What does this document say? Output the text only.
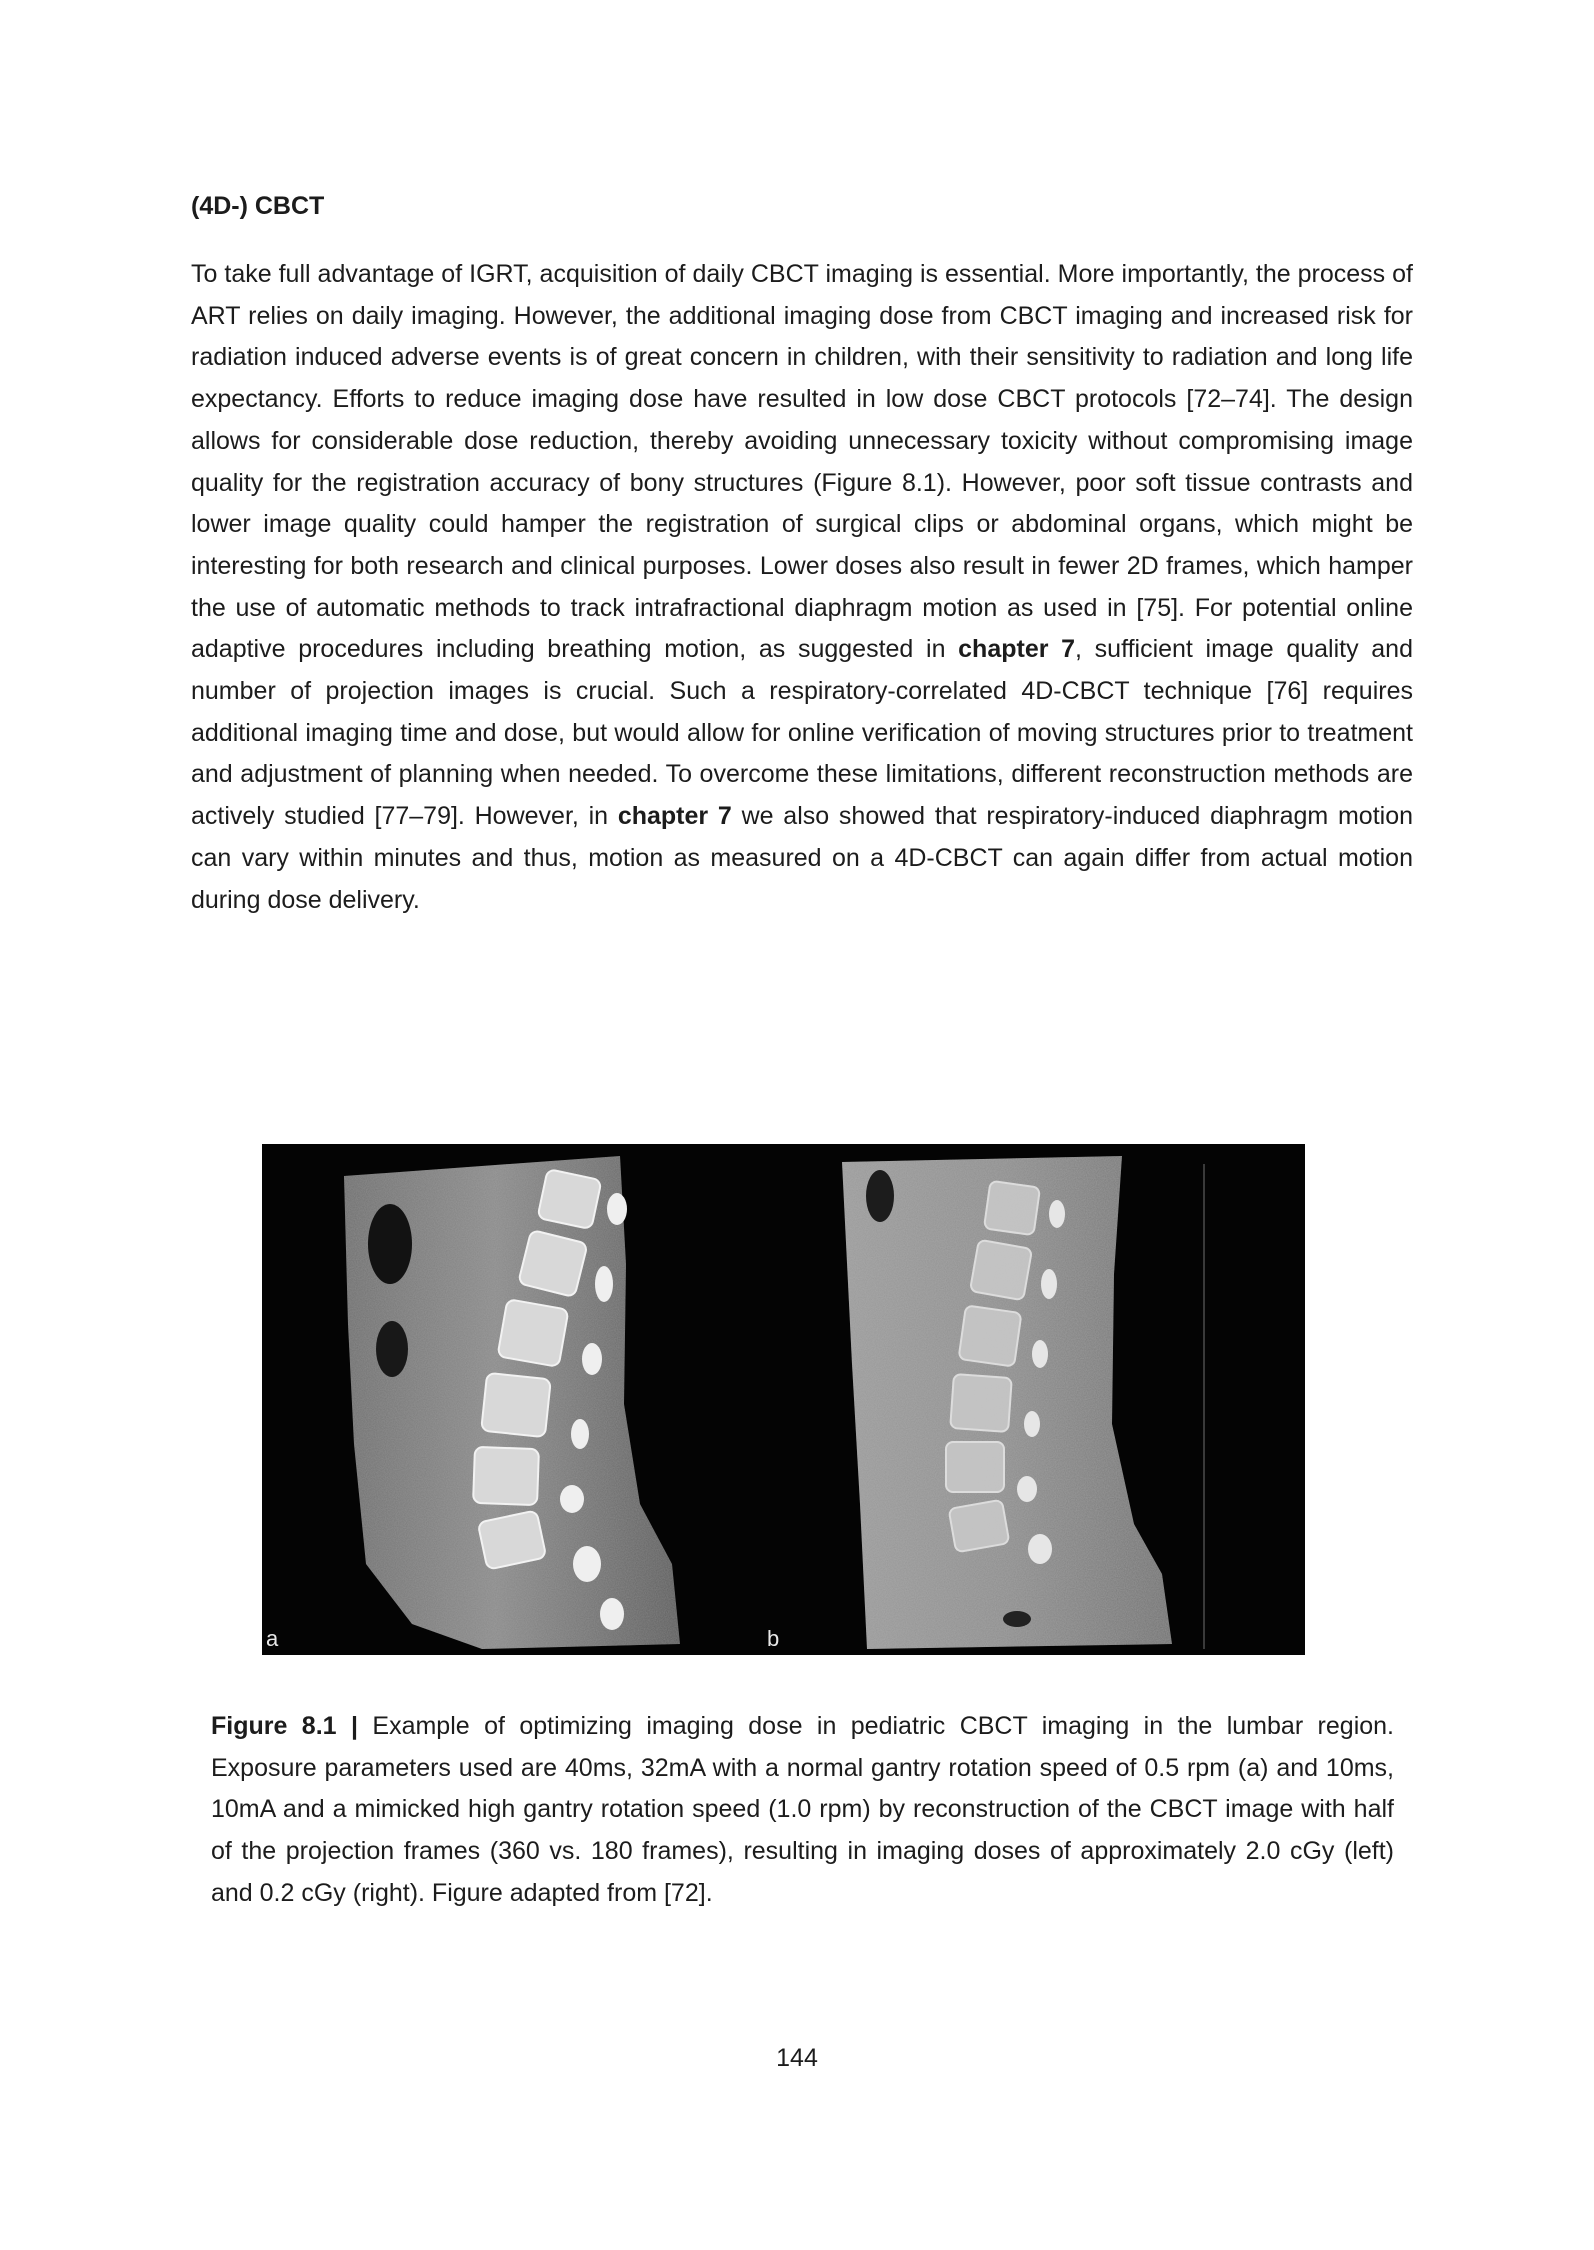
(4D-) CBCT

To take full advantage of IGRT, acquisition of daily CBCT imaging is essential. More importantly, the process of ART relies on daily imaging. However, the additional imaging dose from CBCT imaging and increased risk for radiation induced adverse events is of great concern in children, with their sensitivity to radiation and long life expectancy. Efforts to reduce imaging dose have resulted in low dose CBCT protocols [72–74]. The design allows for considerable dose reduction, thereby avoiding unnecessary toxicity without compromising image quality for the registration accuracy of bony structures (Figure 8.1). However, poor soft tissue contrasts and lower image quality could hamper the registration of surgical clips or abdominal organs, which might be interesting for both research and clinical purposes. Lower doses also result in fewer 2D frames, which hamper the use of automatic methods to track intrafractional diaphragm motion as used in [75]. For potential online adaptive procedures including breathing motion, as suggested in chapter 7, sufficient image quality and number of projection images is crucial. Such a respiratory-correlated 4D-CBCT technique [76] requires additional imaging time and dose, but would allow for online verification of moving structures prior to treatment and adjustment of planning when needed. To overcome these limitations, different reconstruction methods are actively studied [77–79]. However, in chapter 7 we also showed that respiratory-induced diaphragm motion can vary within minutes and thus, motion as measured on a 4D-CBCT can again differ from actual motion during dose delivery.

a	b

Figure 8.1 | Example of optimizing imaging dose in pediatric CBCT imaging in the lumbar region. Exposure parameters used are 40ms, 32mA with a normal gantry rotation speed of 0.5 rpm (a) and 10ms, 10mA and a mimicked high gantry rotation speed (1.0 rpm) by reconstruction of the CBCT image with half of the projection frames (360 vs. 180 frames), resulting in imaging doses of approximately 2.0 cGy (left) and 0.2 cGy (right). Figure adapted from [72].

144
